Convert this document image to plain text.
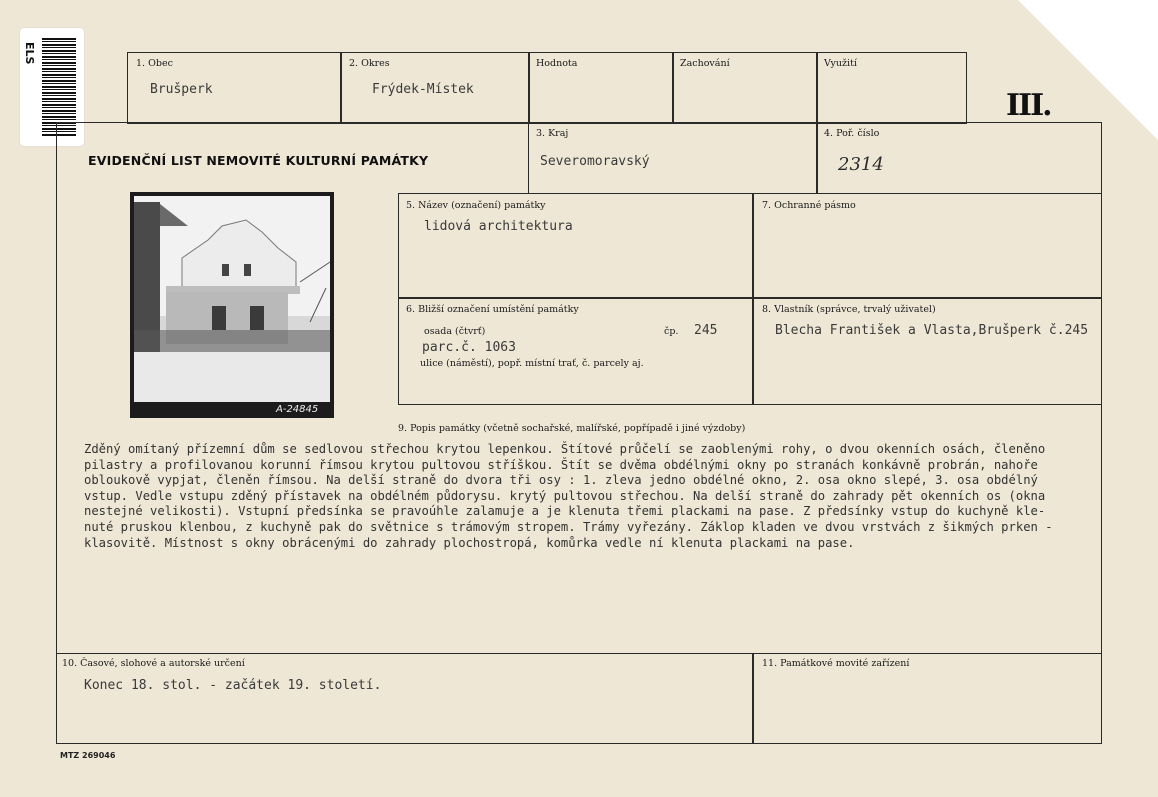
ELS
III.
1. Obec
Brušperk
2. Okres
Frýdek-Místek
Hodnota	Zachování	Využití
EVIDENČNÍ LIST NEMOVITÉ KULTURNÍ PAMÁTKY
3. Kraj
Severomoravský
4. Poř. číslo
2314
A-24845
5. Název (označení) památky
lidová architektura
7. Ochranné pásmo
6. Bližší označení umístění památky
osada (čtvrť)	čp. 245
parc.č. 1063
ulice (náměstí), popř. místní trať, č. parcely aj.
8. Vlastník (správce, trvalý uživatel)
Blecha František a Vlasta,Brušperk č.245
9. Popis památky (včetně sochařské, malířské, popřípadě i jiné výzdoby)
Zděný omítaný přízemní dům se sedlovou střechou krytou lepenkou. Štítové průčelí se zaoblenými rohy, o dvou okenních osách, členěno
pilastry a profilovanou korunní římsou krytou pultovou stříškou. Štít se dvěma obdélnými okny po stranách konkávně probrán, nahoře
obloukově vypjat, členěn římsou. Na delší straně do dvora tři osy : 1. zleva jedno obdélné okno, 2. osa okno slepé, 3. osa obdélný
vstup. Vedle vstupu zděný přístavek na obdélném půdorysu. krytý pultovou střechou. Na delší straně do zahrady pět okenních os (okna
nestejné velikosti). Vstupní předsínka se pravoúhle zalamuje a je klenuta třemi plackami na pase. Z předsínky vstup do kuchyně kle-
nuté pruskou klenbou, z kuchyně pak do světnice s trámovým stropem. Trámy vyřezány. Záklop kladen ve dvou vrstvách z šikmých prken -
klasovitě. Místnost s okny obrácenými do zahrady plochostropá, komůrka vedle ní klenuta plackami na pase.
10. Časové, slohové a autorské určení
Konec 18. stol. - začátek 19. století.
11. Památkové movité zařízení
MTZ 269046
